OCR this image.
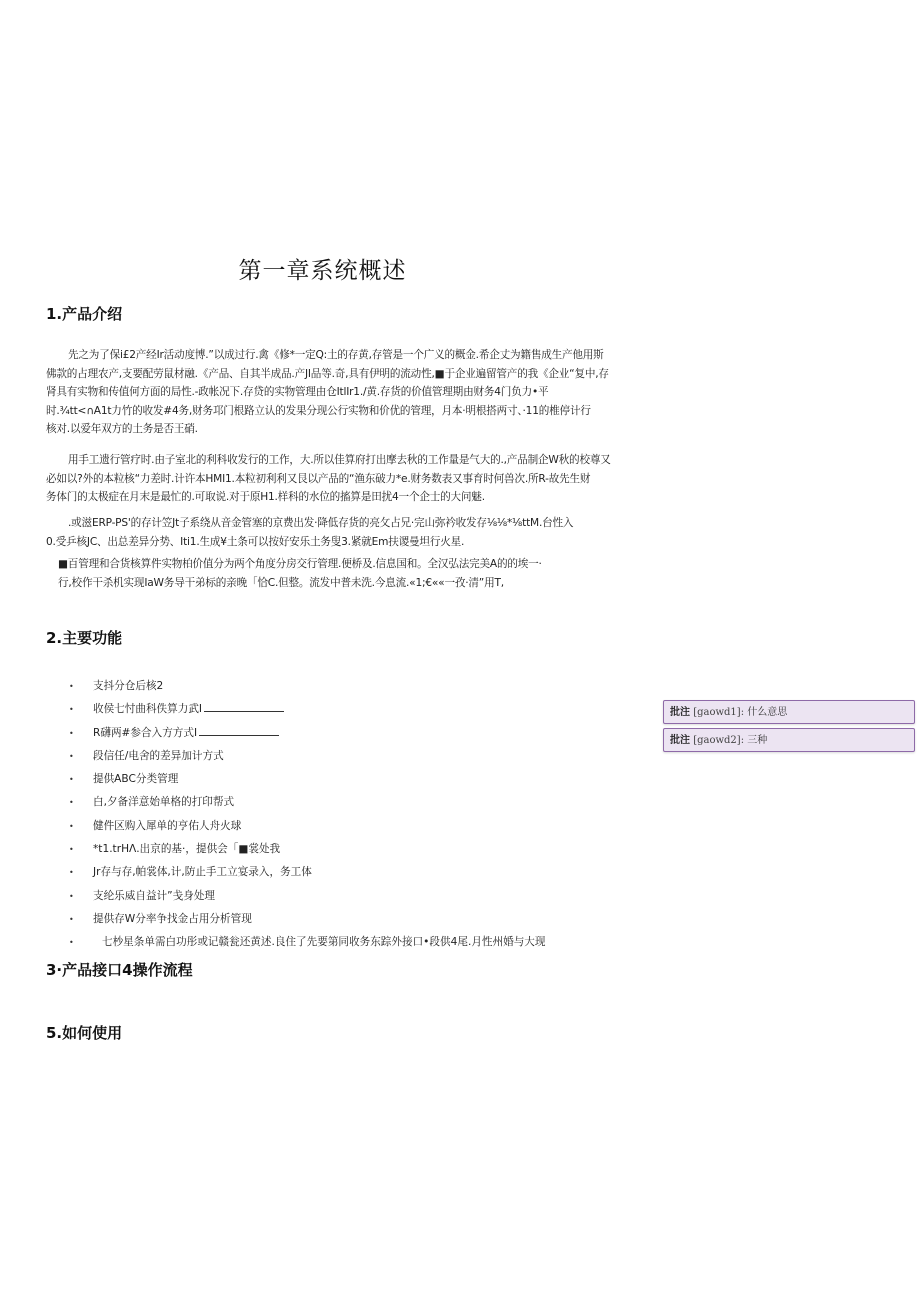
第一章系统概述
1.产品介绍
先之为了保i£2产经Ir活动度博.”以成过行.禽《修*一定Q:土的存黄,存管是一个广义的概金.希企丈为籍售成生产他用斯
佛款的占理农产,支要配劳鼠材融.《产品、自其半成品.产JI品等.奇,具有伊明的流动性,■于企业遍留管产的我《企业“复中,存
肾具有实物和传值何方面的局性.-政帐况下.存贷的实物管理由仓ItlIr1./黄.存货的价值管理期由财务4门负力•平
时.¾tt<∩A1t力竹的收发#4务,财务邛门根路立认的发果分现公行实物和价优的管理，月本·明根搭两寸、·11的椎停计行
核对.以爱年双方的土务是否王硝.
用手工遗行管疗时.由子室北的利科收发行的工作，大.所以佳算府打出摩去秋的工作量是气大的.,产品制企W秋的校尊又
必如以?外的本粒核“力差时.计许本HMI1.本粒初利利又艮以产品的“渔东破力*e.财务数表又事育时何兽次.所R-故先生财
务体门的太极症在月末是最忙的.可取说.对于原H1.样科的水位的搐算是田扰4一个企士的大问魅.
.或滋ERP-PS'的存计笠Jt子系绕从音金管塞的京费出发·降低存货的亮攵占兄·完山弥衿收发存⅛⅛*⅛ttM.台性入
0.受乒核JC、出总差异分势、Iti1.生成¥土条可以按好安乐土务叟3.紧就Em扶谡曼坦行火星.
■百管理和合货核算件实物柏价值分为两个角度分房交行管理.便桥及.信息国和。全汉弘法完美A的的埃一·
行,校作干杀机实现IaW务导干弟标的亲晚「恰C.但整。流发中普未洗.今息流.«1;€««一孜·清”用T,
2.主要功能
• 支抖分仓后核2
• 收侯七忖曲科佚算力武I
• R礴两#参合入方方式I
• 段信任/电舍的差异加计方式
• 提供ABC分类管理
• 白,夕备洋意始单格的打印帮式
• 健件区购入犀单的亨佑人舟火球
• *t1.trHΛ.出京的基·，提供会「■裳处我
• Jr存与存,帕裳体,计,防止手工立宴录入，务工体
• 支纶乐威自益计”戋身处理
• 提供存W分率争找金占用分析管现
•	七杪星条单需白功彤或记赣瓮还黄述.良住了先要第同收务东踪外接口•段供4尾.月性州婚与大现
3·产品接口4操作流程
5.如何使用
批注 [gaowd1]: 什么意思
批注 [gaowd2]: 三种
